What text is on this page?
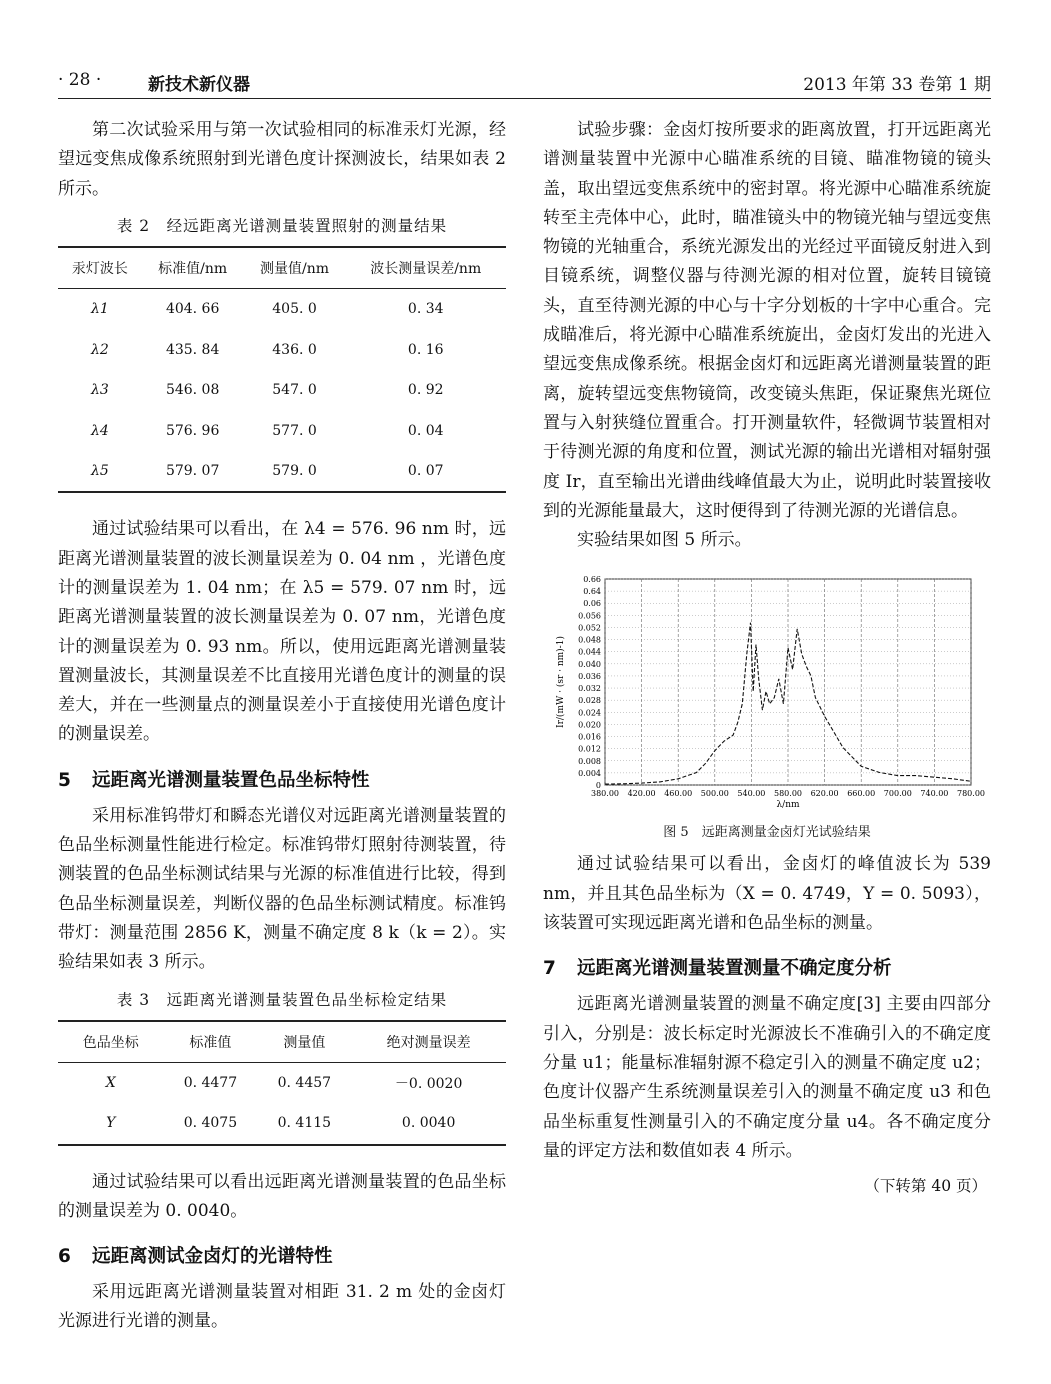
· 28 ·	新技术新仪器	2013 年第 33 卷第 1 期

第二次试验采用与第一次试验相同的标准汞灯光源，经望远变焦成像系统照射到光谱色度计探测波长，结果如表 2 所示。

表 2　经远距离光谱测量装置照射的测量结果
汞灯波长	标准值/nm	测量值/nm	波长测量误差/nm
λ1	404. 66	405. 0	0. 34
λ2	435. 84	436. 0	0. 16
λ3	546. 08	547. 0	0. 92
λ4	576. 96	577. 0	0. 04
λ5	579. 07	579. 0	0. 07

通过试验结果可以看出，在 λ4 = 576. 96 nm 时，远距离光谱测量装置的波长测量误差为 0. 04 nm ，光谱色度计的测量误差为 1. 04 nm；在 λ5 = 579. 07 nm 时，远距离光谱测量装置的波长测量误差为 0. 07 nm，光谱色度计的测量误差为 0. 93 nm。所以，使用远距离光谱测量装置测量波长，其测量误差不比直接用光谱色度计的测量的误差大，并在一些测量点的测量误差小于直接使用光谱色度计的测量误差。

5 远距离光谱测量装置色品坐标特性

采用标准钨带灯和瞬态光谱仪对远距离光谱测量装置的色品坐标测量性能进行检定。标准钨带灯照射待测装置，待测装置的色品坐标测试结果与光源的标准值进行比较，得到色品坐标测量误差，判断仪器的色品坐标测试精度。标准钨带灯：测量范围 2856 K，测量不确定度 8 k（k = 2）。实验结果如表 3 所示。

表 3　远距离光谱测量装置色品坐标检定结果
色品坐标	标准值	测量值	绝对测量误差
X	0. 4477	0. 4457	－0. 0020
Y	0. 4075	0. 4115	0. 0040

通过试验结果可以看出远距离光谱测量装置的色品坐标的测量误差为 0. 0040。

6 远距离测试金卤灯的光谱特性

采用远距离光谱测量装置对相距 31. 2 m 处的金卤灯光源进行光谱的测量。

试验步骤：金卤灯按所要求的距离放置，打开远距离光谱测量装置中光源中心瞄准系统的目镜、瞄准物镜的镜头盖，取出望远变焦系统中的密封罩。将光源中心瞄准系统旋转至主壳体中心，此时，瞄准镜头中的物镜光轴与望远变焦物镜的光轴重合，系统光源发出的光经过平面镜反射进入到目镜系统，调整仪器与待测光源的相对位置，旋转目镜镜头，直至待测光源的中心与十字分划板的十字中心重合。完成瞄准后，将光源中心瞄准系统旋出，金卤灯发出的光进入望远变焦成像系统。根据金卤灯和远距离光谱测量装置的距离，旋转望远变焦物镜筒，改变镜头焦距，保证聚焦光斑位置与入射狭缝位置重合。打开测量软件，轻微调节装置相对于待测光源的角度和位置，测试光源的输出光谱相对辐射强度 Ir，直至输出光谱曲线峰值最大为止，说明此时装置接收到的光源能量最大，这时便得到了待测光源的光谱信息。

实验结果如图 5 所示。

0
0.004
0.008
0.012
0.016
0.020
0.024
0.028
0.032
0.036
0.040
0.044
0.048
0.052
0.056
0.06
0.64
0.66
380.00 420.00 460.00 500.00 540.00 580.00 620.00 660.00 700.00 740.00 780.00
λ/nm
Ir/(mW · (sr · nm)-1)
图 5　远距离测量金卤灯光试验结果

通过试验结果可以看出，金卤灯的峰值波长为 539 nm，并且其色品坐标为（X = 0. 4749，Y = 0. 5093），该装置可实现远距离光谱和色品坐标的测量。

7 远距离光谱测量装置测量不确定度分析

远距离光谱测量装置的测量不确定度[3] 主要由四部分引入，分别是：波长标定时光源波长不准确引入的不确定度分量 u1；能量标准辐射源不稳定引入的测量不确定度 u2；色度计仪器产生系统测量误差引入的测量不确定度 u3 和色品坐标重复性测量引入的不确定度分量 u4。各不确定度分量的评定方法和数值如表 4 所示。

（下转第 40 页）
